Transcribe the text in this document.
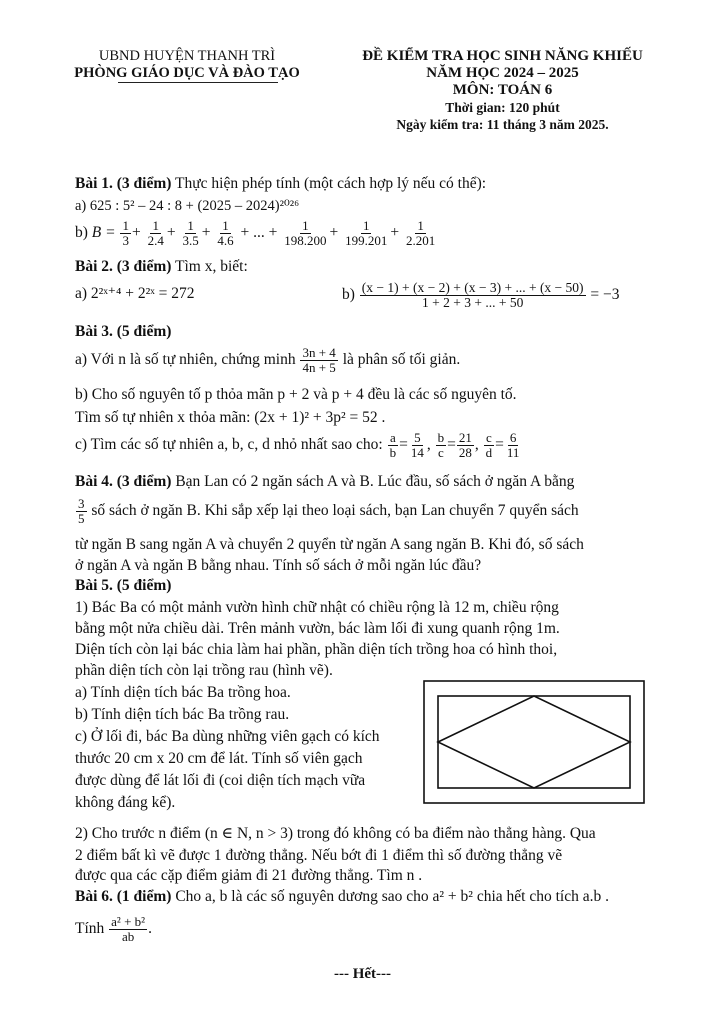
UBND HUYỆN THANH TRÌ
PHÒNG GIÁO DỤC VÀ ĐÀO TẠO
ĐỀ KIỂM TRA HỌC SINH NĂNG KHIẾU
NĂM HỌC 2024 – 2025
MÔN: TOÁN 6
Thời gian: 120 phút
Ngày kiểm tra: 11 tháng 3 năm 2025.
Bài 1. (3 điểm) Thực hiện phép tính (một cách hợp lý nếu có thể):
a) 625 : 5² – 24 : 8 + (2025 – 2024)²⁰²⁶
b) $B = \frac{1}{3} + \frac{1}{2.4} + \frac{1}{3.5} + \frac{1}{4.6}$ + ... + $\frac{1}{198.200} + \frac{1}{199.201} + \frac{1}{2.201}$
Bài 2. (3 điểm) Tìm x, biết:
a) 2²ˣ⁺⁴ + 2²ˣ = 272	$b) \frac{(x - 1) + (x - 2) + (x - 3) + ... + (x - 50)}{1 + 2 + 3 + ... + 50} = -3$
Bài 3. (5 điểm)
a) Với n là số tự nhiên, chứng minh $\frac{3n + 4}{4n + 5}$ là phân số tối giản.
b) Cho số nguyên tố p thỏa mãn p + 2 và p + 4 đều là các số nguyên tố.
Tìm số tự nhiên x thỏa mãn: (2x + 1)² + 3p² = 52 .
c) Tìm các số tự nhiên a, b, c, d nhỏ nhất sao cho: $\frac{a}{b} = \frac{5}{14}$ , $\frac{b}{c} = \frac{21}{28}$ , $\frac{c}{d} = \frac{6}{11}$
Bài 4. (3 điểm) Bạn Lan có 2 ngăn sách A và B. Lúc đầu, số sách ở ngăn A bằng
$\frac{3}{5}$ số sách ở ngăn B. Khi sắp xếp lại theo loại sách, bạn Lan chuyển 7 quyển sách
từ ngăn B sang ngăn A và chuyển 2 quyển từ ngăn A sang ngăn B. Khi đó, số sách
ở ngăn A và ngăn B bằng nhau. Tính số sách ở mỗi ngăn lúc đầu?
Bài 5. (5 điểm)
1) Bác Ba có một mảnh vườn hình chữ nhật có chiều rộng là 12 m, chiều rộng
bằng một nửa chiều dài. Trên mảnh vườn, bác làm lối đi xung quanh rộng 1m.
Diện tích còn lại bác chia làm hai phần, phần diện tích trồng hoa có hình thoi,
phần diện tích còn lại trồng rau (hình vẽ).
a) Tính diện tích bác Ba trồng hoa.
b) Tính diện tích bác Ba trồng rau.
c) Ở lối đi, bác Ba dùng những viên gạch có kích
thước 20 cm x 20 cm để lát. Tính số viên gạch
được dùng để lát lối đi (coi diện tích mạch vữa
không đáng kể).
2) Cho trước n điểm (n ∈ N, n > 3) trong đó không có ba điểm nào thẳng hàng. Qua
2 điểm bất kì vẽ được 1 đường thẳng. Nếu bớt đi 1 điểm thì số đường thẳng vẽ
được qua các cặp điểm giảm đi 21 đường thẳng. Tìm n .
Bài 6. (1 điểm) Cho a, b là các số nguyên dương sao cho a² + b² chia hết cho tích a.b .
Tính $\frac{\text{a² + b²}}{ab}$ .
--- Hết---
